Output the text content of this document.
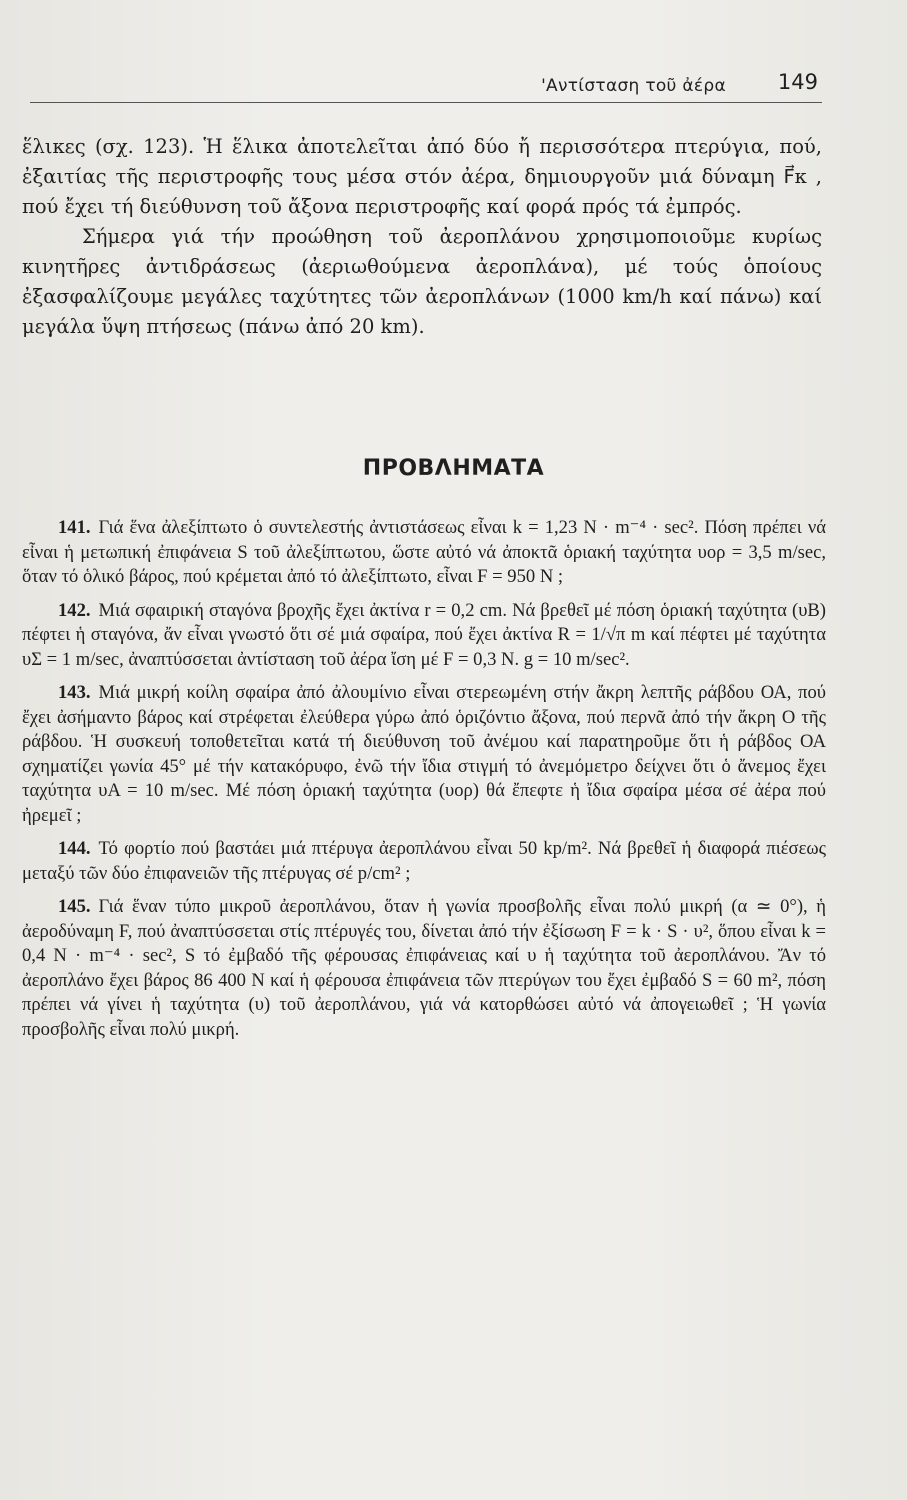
'Αντίσταση τοῦ ἀέρα 149

ἕλικες (σχ. 123). Ἡ ἕλικα ἀποτελεῖται ἀπό δύο ἤ περισσότερα πτερύγια, πού, ἐξαιτίας τῆς περιστροφῆς τους μέσα στόν ἀέρα, δημιουργοῦν μιά δύναμη F⃗κ , πού ἔχει τή διεύθυνση τοῦ ἄξονα περιστροφῆς καί φορά πρός τά ἐμπρός.

Σήμερα γιά τήν προώθηση τοῦ ἀεροπλάνου χρησιμοποιοῦμε κυρίως κινητῆρες ἀντιδράσεως (ἀεριωθούμενα ἀεροπλάνα), μέ τούς ὁποίους ἐξασφαλίζουμε μεγάλες ταχύτητες τῶν ἀεροπλάνων (1000 km/h καί πάνω) καί μεγάλα ὕψη πτήσεως (πάνω ἀπό 20 km).

ΠΡΟΒΛΗΜΑΤΑ

141. Γιά ἕνα ἀλεξίπτωτο ὁ συντελεστής ἀντιστάσεως εἶναι k = 1,23 N · m⁻⁴ · sec². Πόση πρέπει νά εἶναι ἡ μετωπική ἐπιφάνεια S τοῦ ἀλεξίπτωτου, ὥστε αὐτό νά ἀποκτᾶ ὁριακή ταχύτητα υορ = 3,5 m/sec, ὅταν τό ὁλικό βάρος, πού κρέμεται ἀπό τό ἀλεξίπτωτο, εἶναι F = 950 N ;

142. Μιά σφαιρική σταγόνα βροχῆς ἔχει ἀκτίνα r = 0,2 cm. Νά βρεθεῖ μέ πόση ὁριακή ταχύτητα (υΒ) πέφτει ἡ σταγόνα, ἄν εἶναι γνωστό ὅτι σέ μιά σφαίρα, πού ἔχει ἀκτίνα R = 1/√π m καί πέφτει μέ ταχύτητα υΣ = 1 m/sec, ἀναπτύσσεται ἀντίσταση τοῦ ἀέρα ἴση μέ F = 0,3 N. g = 10 m/sec².

143. Μιά μικρή κοίλη σφαίρα ἀπό ἀλουμίνιο εἶναι στερεωμένη στήν ἄκρη λεπτῆς ράβδου ΟΑ, πού ἔχει ἀσήμαντο βάρος καί στρέφεται ἐλεύθερα γύρω ἀπό ὁριζόντιο ἄξονα, πού περνᾶ ἀπό τήν ἄκρη Ο τῆς ράβδου. Ἡ συσκευή τοποθετεῖται κατά τή διεύθυνση τοῦ ἀνέμου καί παρατηροῦμε ὅτι ἡ ράβδος ΟΑ σχηματίζει γωνία 45° μέ τήν κατακόρυφο, ἐνῶ τήν ἴδια στιγμή τό ἀνεμόμετρο δείχνει ὅτι ὁ ἄνεμος ἔχει ταχύτητα υΑ = 10 m/sec. Μέ πόση ὁριακή ταχύτητα (υορ) θά ἔπεφτε ἡ ἴδια σφαίρα μέσα σέ ἀέρα πού ἠρεμεῖ ;

144. Τό φορτίο πού βαστάει μιά πτέρυγα ἀεροπλάνου εἶναι 50 kp/m². Νά βρεθεῖ ἡ διαφορά πιέσεως μεταξύ τῶν δύο ἐπιφανειῶν τῆς πτέρυγας σέ p/cm² ;

145. Γιά ἕναν τύπο μικροῦ ἀεροπλάνου, ὅταν ἡ γωνία προσβολῆς εἶναι πολύ μικρή (α ≃ 0°), ἡ ἀεροδύναμη F, πού ἀναπτύσσεται στίς πτέρυγές του, δίνεται ἀπό τήν ἐξίσωση F = k · S · υ², ὅπου εἶναι k = 0,4 N · m⁻⁴ · sec², S τό ἐμβαδό τῆς φέρουσας ἐπιφάνειας καί υ ἡ ταχύτητα τοῦ ἀεροπλάνου. Ἄν τό ἀεροπλάνο ἔχει βάρος 86 400 N καί ἡ φέρουσα ἐπιφάνεια τῶν πτερύγων του ἔχει ἐμβαδό S = 60 m², πόση πρέπει νά γίνει ἡ ταχύτητα (υ) τοῦ ἀεροπλάνου, γιά νά κατορθώσει αὐτό νά ἀπογειωθεῖ ; Ἡ γωνία προσβολῆς εἶναι πολύ μικρή.
